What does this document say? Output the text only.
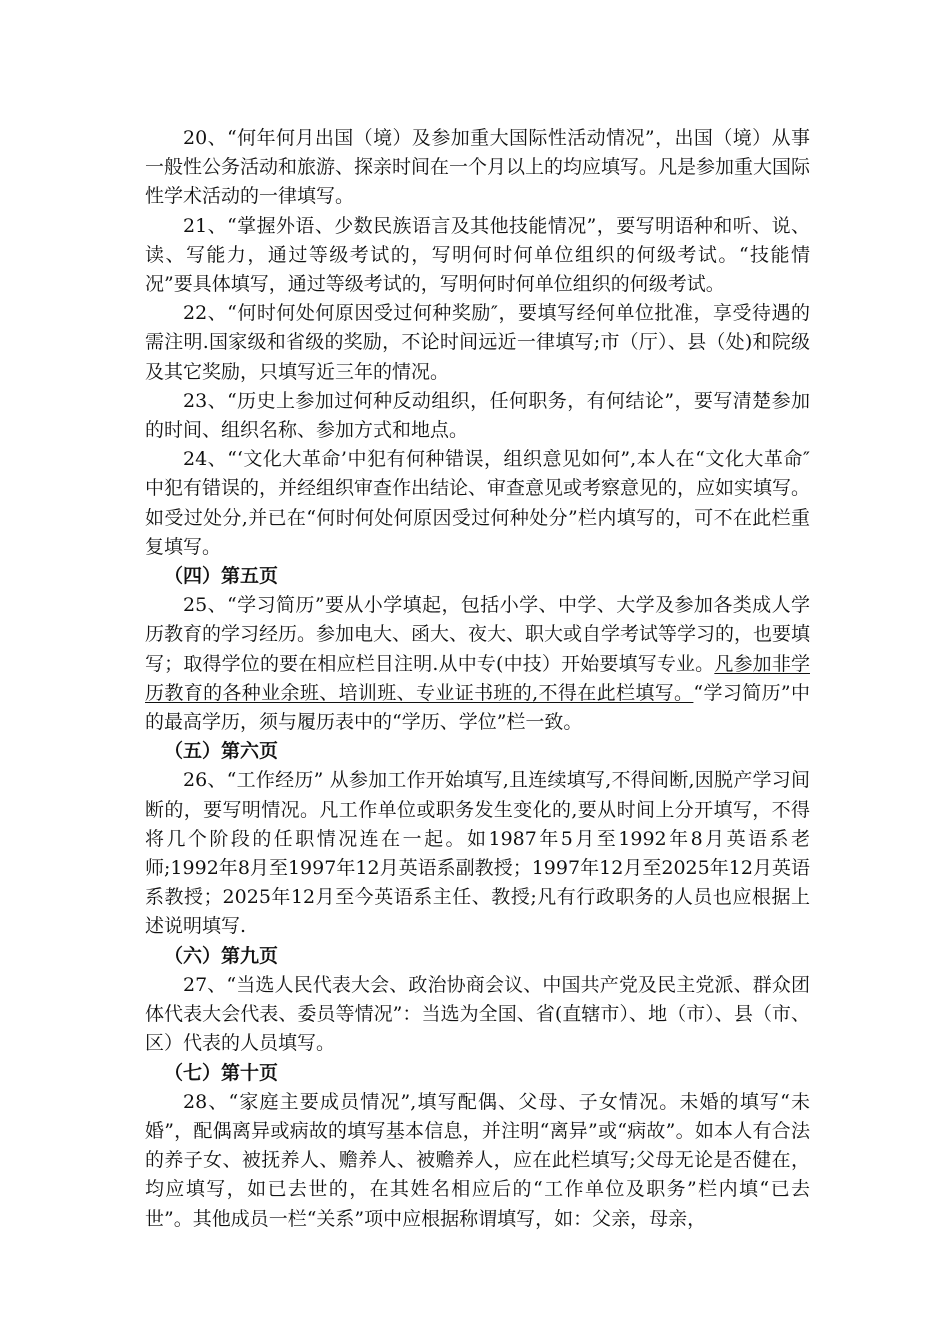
20、“何年何月出国（境）及参加重大国际性活动情况”，出国（境）从事一般性公务活动和旅游、探亲时间在一个月以上的均应填写。凡是参加重大国际性学术活动的一律填写。

21、“掌握外语、少数民族语言及其他技能情况”，要写明语种和听、说、读、写能力，通过等级考试的，写明何时何单位组织的何级考试。“技能情况”要具体填写，通过等级考试的，写明何时何单位组织的何级考试。

22、“何时何处何原因受过何种奖励″，要填写经何单位批准，享受待遇的需注明.国家级和省级的奖励，不论时间远近一律填写;市（厅）、县（处)和院级及其它奖励，只填写近三年的情况。

23、“历史上参加过何种反动组织，任何职务，有何结论”，要写清楚参加的时间、组织名称、参加方式和地点。

24、“‘文化大革命’中犯有何种错误，组织意见如何”,本人在“文化大革命″中犯有错误的，并经组织审查作出结论、审查意见或考察意见的，应如实填写。如受过处分,并已在“何时何处何原因受过何种处分”栏内填写的，可不在此栏重复填写。

（四）第五页

25、“学习简历”要从小学填起，包括小学、中学、大学及参加各类成人学历教育的学习经历。参加电大、函大、夜大、职大或自学考试等学习的，也要填写；取得学位的要在相应栏目注明.从中专(中技）开始要填写专业。凡参加非学历教育的各种业余班、培训班、专业证书班的,不得在此栏填写。“学习简历”中的最高学历，须与履历表中的“学历、学位”栏一致。

（五）第六页

26、“工作经历” 从参加工作开始填写,且连续填写,不得间断,因脱产学习间断的，要写明情况。凡工作单位或职务发生变化的,要从时间上分开填写，不得将几个阶段的任职情况连在一起。如1987年5月至1992年8月英语系老师;1992年8月至1997年12月英语系副教授；1997年12月至2025年12月英语系教授；2025年12月至今英语系主任、教授;凡有行政职务的人员也应根据上述说明填写.

（六）第九页

27、“当选人民代表大会、政治协商会议、中国共产党及民主党派、群众团体代表大会代表、委员等情况”：当选为全国、省(直辖市）、地（市）、县（市、区）代表的人员填写。

（七）第十页

28、“家庭主要成员情况”,填写配偶、父母、子女情况。未婚的填写“未婚”，配偶离异或病故的填写基本信息，并注明“离异”或“病故”。如本人有合法的养子女、被抚养人、赡养人、被赡养人，应在此栏填写;父母无论是否健在，均应填写，如已去世的，在其姓名相应后的“工作单位及职务”栏内填“已去世”。其他成员一栏“关系”项中应根据称谓填写，如：父亲，母亲，
